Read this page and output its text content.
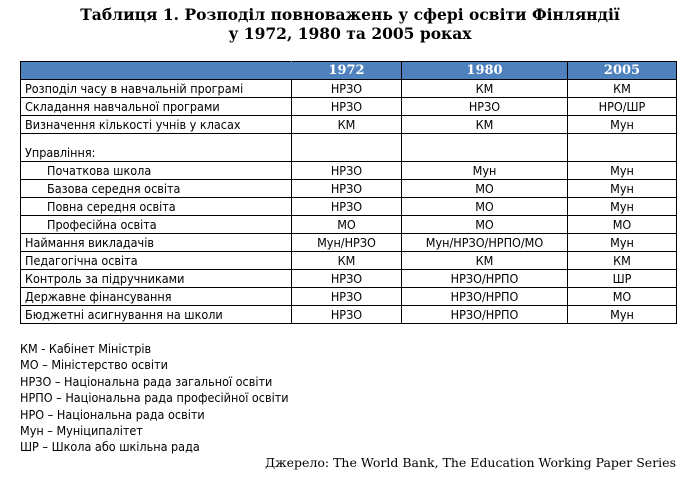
Таблиця 1. Розподіл повноважень у сфері освіти Фінляндії
у 1972, 1980 та 2005 роках
	1972	1980	2005
Розподіл часу в навчальній програмі	НРЗО	КМ	КМ
Складання навчальної програми	НРЗО	НРЗО	НРО/ШР
Визначення кількості учнів у класах	КМ	КМ	Мун
Управління:			
Початкова школа	НРЗО	Мун	Мун
Базова середня освіта	НРЗО	МО	Мун
Повна середня освіта	НРЗО	МО	Мун
Професійна освіта	МО	МО	МО
Наймання викладачів	Мун/НРЗО	Мун/НРЗО/НРПО/МО	Мун
Педагогічна освіта	КМ	КМ	КМ
Контроль за підручниками	НРЗО	НРЗО/НРПО	ШР
Державне фінансування	НРЗО	НРЗО/НРПО	МО
Бюджетні асигнування на школи	НРЗО	НРЗО/НРПО	Мун
КМ - Кабінет Міністрів
МО – Міністерство освіти
НРЗО – Національна рада загальної освіти
НРПО – Національна рада професійної освіти
НРО – Національна рада освіти
Мун – Муніципалітет
ШР – Школа або шкільна рада
Джерело: The World Bank, The Education Working Paper Series
